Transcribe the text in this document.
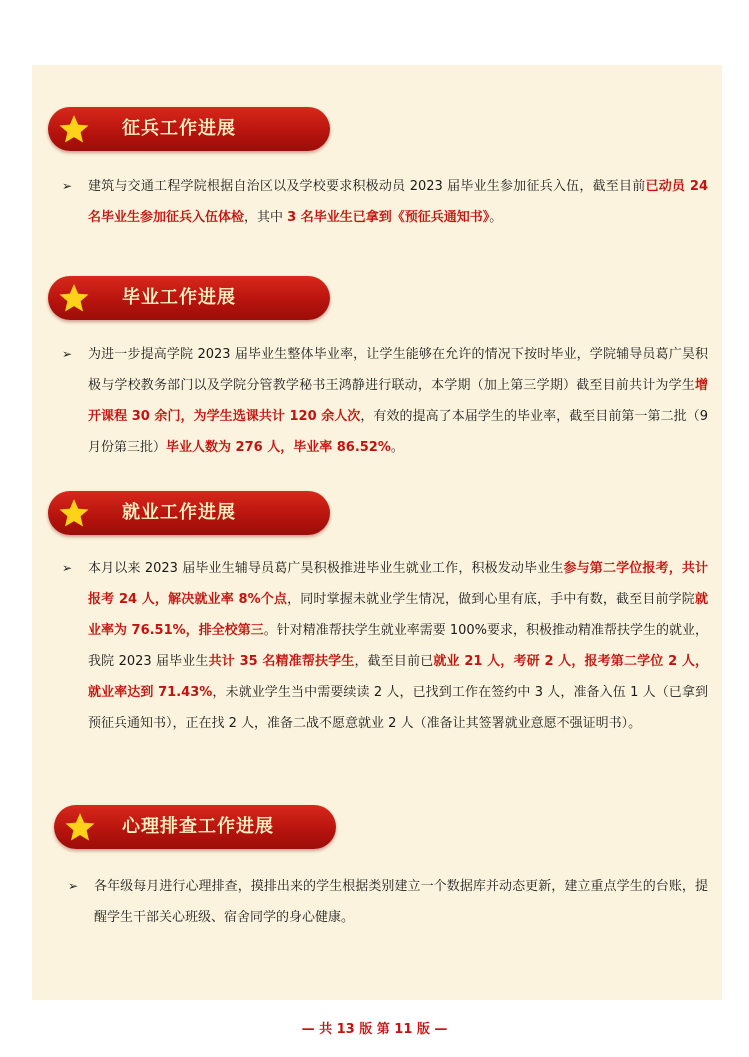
征兵工作进展
➢ 建筑与交通工程学院根据自治区以及学校要求积极动员 2023 届毕业生参加征兵入伍，截至目前已动员 24 名毕业生参加征兵入伍体检，其中 3 名毕业生已拿到《预征兵通知书》。
毕业工作进展
➢ 为进一步提高学院 2023 届毕业生整体毕业率，让学生能够在允许的情况下按时毕业，学院辅导员葛广昊积极与学校教务部门以及学院分管教学秘书王鸿静进行联动，本学期（加上第三学期）截至目前共计为学生增开课程 30 余门，为学生选课共计 120 余人次，有效的提高了本届学生的毕业率，截至目前第一第二批（9 月份第三批）毕业人数为 276 人，毕业率 86.52%。
就业工作进展
➢ 本月以来 2023 届毕业生辅导员葛广昊积极推进毕业生就业工作，积极发动毕业生参与第二学位报考，共计报考 24 人，解决就业率 8%个点，同时掌握未就业学生情况，做到心里有底，手中有数，截至目前学院就业率为 76.51%，排全校第三。针对精准帮扶学生就业率需要 100%要求，积极推动精准帮扶学生的就业，我院 2023 届毕业生共计 35 名精准帮扶学生，截至目前已就业 21 人，考研 2 人，报考第二学位 2 人，就业率达到 71.43%，未就业学生当中需要续读 2 人，已找到工作在签约中 3 人，准备入伍 1 人（已拿到预征兵通知书），正在找 2 人，准备二战不愿意就业 2 人（准备让其签署就业意愿不强证明书）。
心理排查工作进展
➢ 各年级每月进行心理排查，摸排出来的学生根据类别建立一个数据库并动态更新，建立重点学生的台账，提醒学生干部关心班级、宿舍同学的身心健康。
— 共 13 版 第 11 版 —
